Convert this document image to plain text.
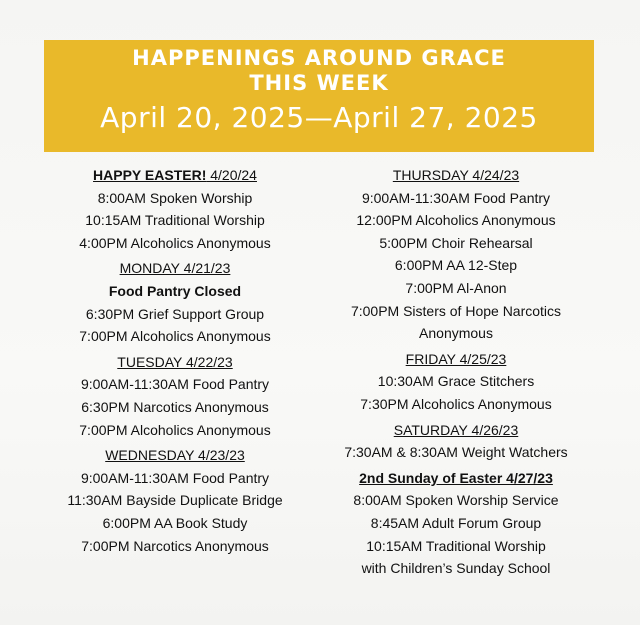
HAPPENINGS AROUND GRACE
THIS WEEK
April 20, 2025—April 27, 2025
HAPPY EASTER! 4/20/24
8:00AM Spoken Worship
10:15AM Traditional Worship
4:00PM Alcoholics Anonymous
MONDAY 4/21/23
Food Pantry Closed
6:30PM Grief Support Group
7:00PM Alcoholics Anonymous
TUESDAY 4/22/23
9:00AM-11:30AM Food Pantry
6:30PM Narcotics Anonymous
7:00PM Alcoholics Anonymous
WEDNESDAY 4/23/23
9:00AM-11:30AM Food Pantry
11:30AM Bayside Duplicate Bridge
6:00PM AA Book Study
7:00PM Narcotics Anonymous
THURSDAY 4/24/23
9:00AM-11:30AM Food Pantry
12:00PM Alcoholics Anonymous
5:00PM Choir Rehearsal
6:00PM AA 12-Step
7:00PM Al-Anon
7:00PM Sisters of Hope Narcotics
Anonymous
FRIDAY 4/25/23
10:30AM Grace Stitchers
7:30PM Alcoholics Anonymous
SATURDAY 4/26/23
7:30AM & 8:30AM Weight Watchers
2nd Sunday of Easter 4/27/23
8:00AM Spoken Worship Service
8:45AM Adult Forum Group
10:15AM Traditional Worship
with Children’s Sunday School
